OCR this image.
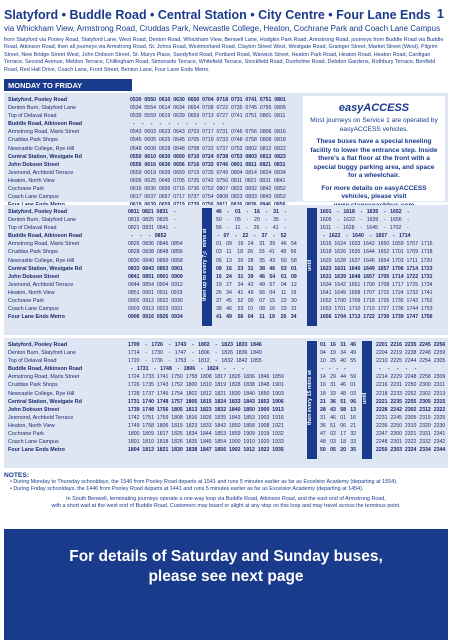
Slatyford • Buddle Road • Central Station • City Centre • Four Lane Ends 1
via Whickham View, Armstrong Road, Cruddas Park, Newcastle College, Heaton, Cochrane Park and Coach Lane Campus
from Slatyford via Pooley Road, Slatyford Lane, West Road, Denton Road, Whickham View, Benwell Lane, Hodgkin Park Road, Armstrong Road, journeys from Buddle Road via Buddle Road, Atkinson Road, then all journeys via Armstrong Road, St. Johns Road, Westmorland Road, Clayton Street West, Westgate Road, Grainger Street, Market Street (West), Pilgrim Street, New Bridge Street West, John Dobson Street, St. Marys Place, Sandyford Road, Portland Road, Warwick Street, Heaton Park Road, Heaton Road, Heaton Road, Cardigan Terrace, Second Avenue, Meldon Terrace, Chillingham Road, Simonside Terrace, Whitefield Terrace, Stockfield Road, Dunholme Road, Debdon Gardens, Rothbury Terrace, Benfield Road, Red Hall Drive, Coach Lane, Front Street, Benton Lane, Four Lane Ends Metro.
MONDAY TO FRIDAY
Slatyford, Pooley Road
Denton Burn, Slatyford Lane
Top of Delaval Road
Buddle Road, Atkinson Road
Armstrong Road, Maris Street
Cruddas Park Shops
Newcastle College, Rye Hill
Central Station, Westgate Rd
John Dobson Street
Jesmond, Archbold Terrace
Heaton, North View
Cochrane Park
Coach Lane Campus
0530  0550  0610  0630  0650  0704  0718  0731  0741  0751  0801
0534  0554  0614  0634  0654  0708  0722  0735  0745  0755  0805
0539  0559  0619  0639  0659  0713  0727  0741  0751  0801  0811
-     -     -     -     -     -     -     -     -     -     -
0543  0603  0623  0643  0703  0717  0731  0746  0756  0806  0816
0545  0605  0625  0645  0705  0719  0733  0748  0758  0808  0818
0548  0608  0628  0648  0708  0722  0737  0752  0802  0812  0822
0550  0610  0630  0650  0710  0724  0738  0753  0803  0813  0823
0556  0616  0636  0656  0716  0732  0746  0801  0811  0821  0831
0559  0619  0639  0659  0719  0735  0749  0804  0814  0824  0834
0605  0625  0645  0705  0725  0742  0756  0811  0821  0831  0841
0616  0636  0656  0716  0736  0753  0807  0822  0832  0842  0852
0617  0637  0657  0717  0737  0754  0808  0823  0833  0843  0853
easyACCESS
Most journeys on Service 1 are operated by easyACCESS vehicles.
These buses have a special kneeling facility to lower the entrance step. Inside there's a flat floor at the front with a special buggy parking area, and space for a wheelchair.
For more details on easyACCESS vehicles, please visit
Slatyford, Pooley Road
Denton Burn, Slatyford Lane
Top of Delaval Road
Buddle Road, Atkinson Road
Armstrong Road, Maris Street
Cruddas Park Shops
Newcastle College, Rye Hill
Central Station, Westgate Rd
John Dobson Street
Jesmond, Archbold Terrace
Heaton, North View
Cochrane Park
Coach Lane Campus
Four Lane Ends Metro
0811  0821  0831    -
0815  0825  0835    -
0821  0831  0841    -
-     -     -   0852
0826  0836  0846  0854
0828  0838  0848  0856
0830  0840  0850  0858
0833  0843  0853  0901
0841  0851  0901  0909
0844  0854  0904  0912
0851  0901  0911  0919
0902  0912  0922  0930
0903  0913  0923  0931
0906  0916  0926  0934
then up to every 7½ mins at
46    -    01    -    16    -    31    -
50    -    05    -    20    -    35    -
56    -    11    -    26    -    41    -
-   07    -    22    -    37    -    52
01   09    16   24    31   39    46   54
03   11    18   26    33   41    48   56
05   13    20   28    35   43    50   58
08   16    23   31    38   46    53   01
16   24    31   39    46   54    01   09
19   27    34   42    49   57    04   12
26   34    41   49    56   04    11   19
37   45    52   00    07   15    22   30
38   46    53   01    08   16    23   31
41   49    56   04    11   19    26   34
until
1601    -   1618    -   1635    -   1652    -
1605    -   1622    -   1639    -   1656    -
1611    -   1628    -   1645    -   1702    -
-   1622    -   1640    -   1657    -   1714
1616  1624  1633  1642  1650  1659  1707  1716
1618  1626  1635  1644  1652  1701  1709  1718
1620  1628  1637  1646  1654  1703  1711  1720
1623  1631  1640  1649  1657  1706  1714  1723
1631  1639  1648  1657  1705  1714  1722  1731
1634  1642  1651  1700  1708  1717  1725  1734
1641  1649  1658  1707  1715  1724  1732  1741
1652  1700  1709  1718  1726  1735  1743  1752
1653  1701  1710  1719  1727  1736  1744  1753
1656  1704  1713  1722  1730  1739  1747  1756
Slatyford, Pooley Road
Denton Burn, Slatyford Lane
Top of Delaval Road
Buddle Road, Atkinson Road
Armstrong Road, Maris Street
Cruddas Park Shops
Newcastle College, Rye Hill
Central Station, Westgate Rd
John Dobson Street
Jesmond, Archbold Terrace
Heaton, North View
Cochrane Park
Coach Lane Campus
Four Lane Ends Metro
1709    -   1726    -   1743    -   1802    -   1823  1833  1846
1714    -   1730    -   1747    -   1806    -   1826  1836  1849
1720    -   1736    -   1753    -   1812    -   1832  1842  1855
-   1731    -   1748    -   1806    -   1824    -     -     -
1724  1733  1741  1750  1758  1808  1817  1826  1836  1846  1859
1726  1735  1743  1752  1800  1810  1819  1828  1838  1848  1901
1728  1737  1745  1754  1802  1812  1821  1830  1840  1850  1903
1731  1740  1748  1757  1805  1815  1824  1833  1843  1853  1906
1739  1748  1756  1805  1813  1823  1832  1840  1850  1900  1913
1742  1751  1759  1808  1816  1826  1835  1843  1853  1903  1916
1749  1758  1806  1815  1823  1833  1842  1850  1858  1908  1921
1800  1809  1817  1825  1834  1844  1853  1859  1909  1919  1932
1801  1810  1818  1826  1835  1845  1854  1900  1910  1920  1933
1804  1813  1821  1830  1838  1847  1856  1902  1912  1922  1935
then every 15 mins at
01   16   31   46
04   19   34   49
10   25   40   55
-    -    -    -
14   29   44   59
16   31   46   01
18   33   48   03
21   36   51   06
28   43   58   13
31   46   01   16
36   51   06   21
47   02   17   32
48   03   18   33
50   05   20   35
until
2201  2216  2235  2245  2256
2204  2219  2238  2248  2259
2210  2225  2244  2254  2305
-     -     -     -     -
2214  2229  2248  2258  2309
2216  2231  2250  2300  2311
2218  2233  2252  2302  2313
2221  2235  2255  2305  2315
2228  2242  2302  2312  2322
2231  2245  2305  2315  2325
2236  2250  2310  2320  2330
2247  2300  2321  2331  2341
2248  2301  2322  2332  2342
2250  2303  2324  2334  2344
NOTES:
• During Monday to Thursday schooldays, the 1546 from Pooley Road departs at 1541 and runs 5 minutes earlier as far as Excelsior Academy (departing at 1554).
• During Friday schooldays, the 1446 from Pooley Road departs at 1441 and runs 5 minutes earlier as far as Excelsior Academy (departing at 1454).
In South Benwell, terminating journeys operate a one-way loop via Buddle Road, Atkinson Road, and the east end of Armstrong Road,
with a short wait at the west end of Buddle Road. Customers may board or alight at any stop on this loop and may travel across the terminus point.
For details of Saturday and Sunday buses,
please see next page
